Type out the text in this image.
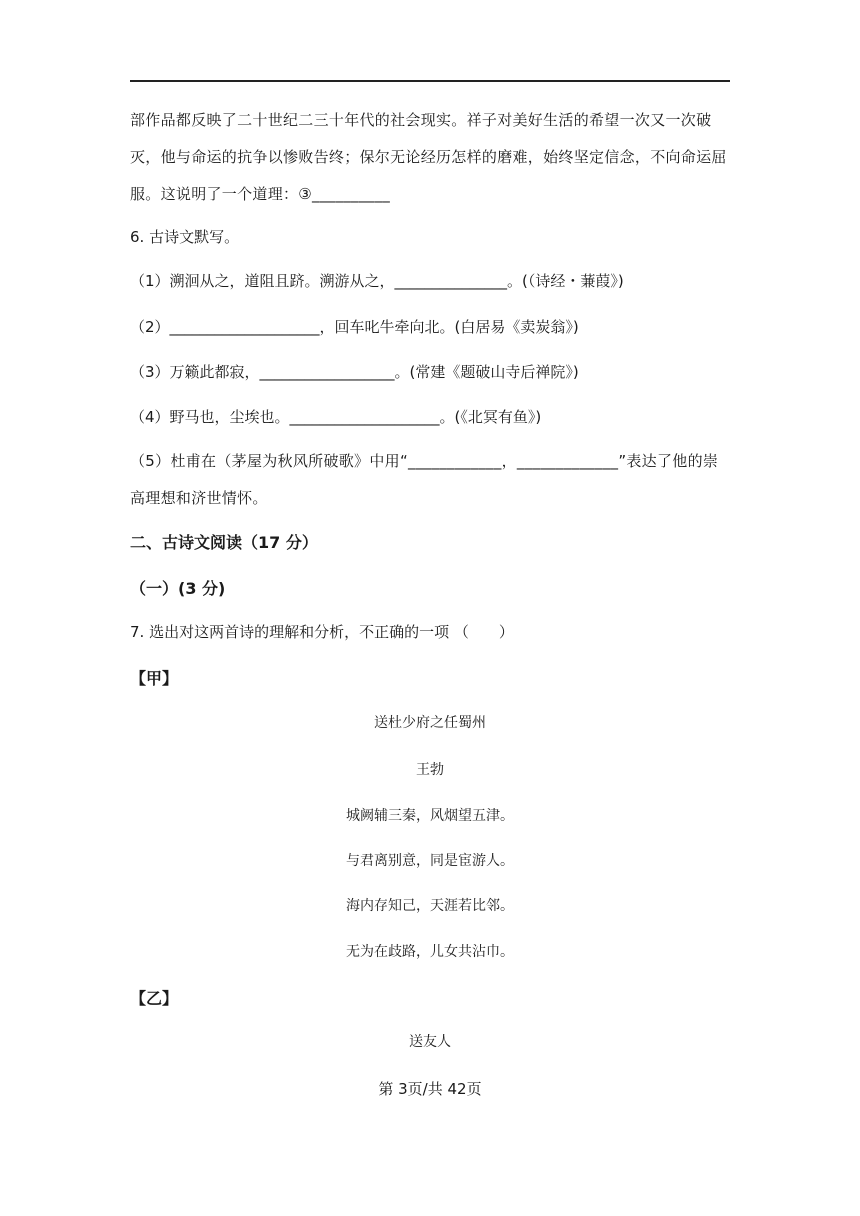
部作品都反映了二十世纪二三十年代的社会现实。祥子对美好生活的希望一次又一次破灭，他与命运的抗争以惨败告终；保尔无论经历怎样的磨难，始终坚定信念，不向命运屈服。这说明了一个道理：③__________
6. 古诗文默写。
（1）溯洄从之，道阻且跻。溯游从之，_______________。(（诗经・蒹葭》)
（2）____________________，回车叱牛牵向北。(白居易《卖炭翁》)
（3）万籁此都寂，__________________。(常建《题破山寺后禅院》)
（4）野马也，尘埃也。____________________。(《北冥有鱼》)
（5）杜甫在（茅屋为秋风所破歌》中用“____________，_____________”表达了他的崇高理想和济世情怀。
二、古诗文阅读（17 分）
（一）(3 分)
7. 选出对这两首诗的理解和分析，不正确的一项 （　　）
【甲】
送杜少府之任蜀州
王勃
城阙辅三秦，风烟望五津。
与君离别意，同是宦游人。
海内存知己，天涯若比邻。
无为在歧路，儿女共沾巾。
【乙】
送友人
第 3页/共 42页
